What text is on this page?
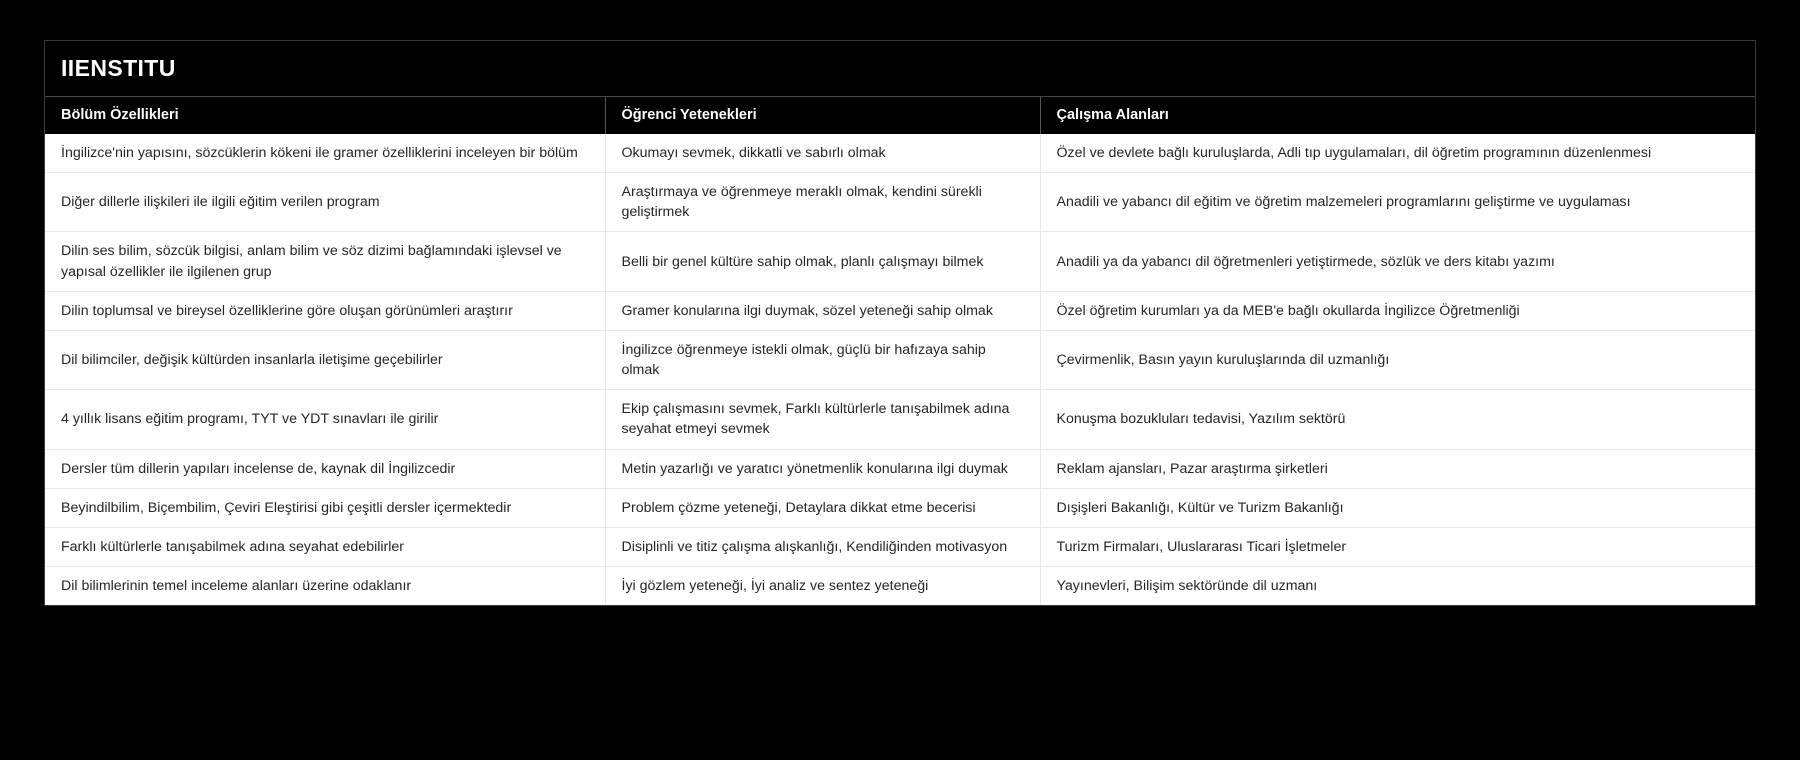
IIENSTITU
Bölüm Özellikleri	Öğrenci Yetenekleri	Çalışma Alanları
İngilizce'nin yapısını, sözcüklerin kökeni ile gramer özelliklerini inceleyen bir bölüm	Okumayı sevmek, dikkatli ve sabırlı olmak	Özel ve devlete bağlı kuruluşlarda, Adli tıp uygulamaları, dil öğretim programının düzenlenmesi
Diğer dillerle ilişkileri ile ilgili eğitim verilen program	Araştırmaya ve öğrenmeye meraklı olmak, kendini sürekli geliştirmek	Anadili ve yabancı dil eğitim ve öğretim malzemeleri programlarını geliştirme ve uygulaması
Dilin ses bilim, sözcük bilgisi, anlam bilim ve söz dizimi bağlamındaki işlevsel ve yapısal özellikler ile ilgilenen grup	Belli bir genel kültüre sahip olmak, planlı çalışmayı bilmek	Anadili ya da yabancı dil öğretmenleri yetiştirmede, sözlük ve ders kitabı yazımı
Dilin toplumsal ve bireysel özelliklerine göre oluşan görünümleri araştırır	Gramer konularına ilgi duymak, sözel yeteneği sahip olmak	Özel öğretim kurumları ya da MEB'e bağlı okullarda İngilizce Öğretmenliği
Dil bilimciler, değişik kültürden insanlarla iletişime geçebilirler	İngilizce öğrenmeye istekli olmak, güçlü bir hafızaya sahip olmak	Çevirmenlik, Basın yayın kuruluşlarında dil uzmanlığı
4 yıllık lisans eğitim programı, TYT ve YDT sınavları ile girilir	Ekip çalışmasını sevmek, Farklı kültürlerle tanışabilmek adına seyahat etmeyi sevmek	Konuşma bozukluları tedavisi, Yazılım sektörü
Dersler tüm dillerin yapıları incelense de, kaynak dil İngilizcedir	Metin yazarlığı ve yaratıcı yönetmenlik konularına ilgi duymak	Reklam ajansları, Pazar araştırma şirketleri
Beyindilbilim, Biçembilim, Çeviri Eleştirisi gibi çeşitli dersler içermektedir	Problem çözme yeteneği, Detaylara dikkat etme becerisi	Dışişleri Bakanlığı, Kültür ve Turizm Bakanlığı
Farklı kültürlerle tanışabilmek adına seyahat edebilirler	Disiplinli ve titiz çalışma alışkanlığı, Kendiliğinden motivasyon	Turizm Firmaları, Uluslararası Ticari İşletmeler
Dil bilimlerinin temel inceleme alanları üzerine odaklanır	İyi gözlem yeteneği, İyi analiz ve sentez yeteneği	Yayınevleri, Bilişim sektöründe dil uzmanı
